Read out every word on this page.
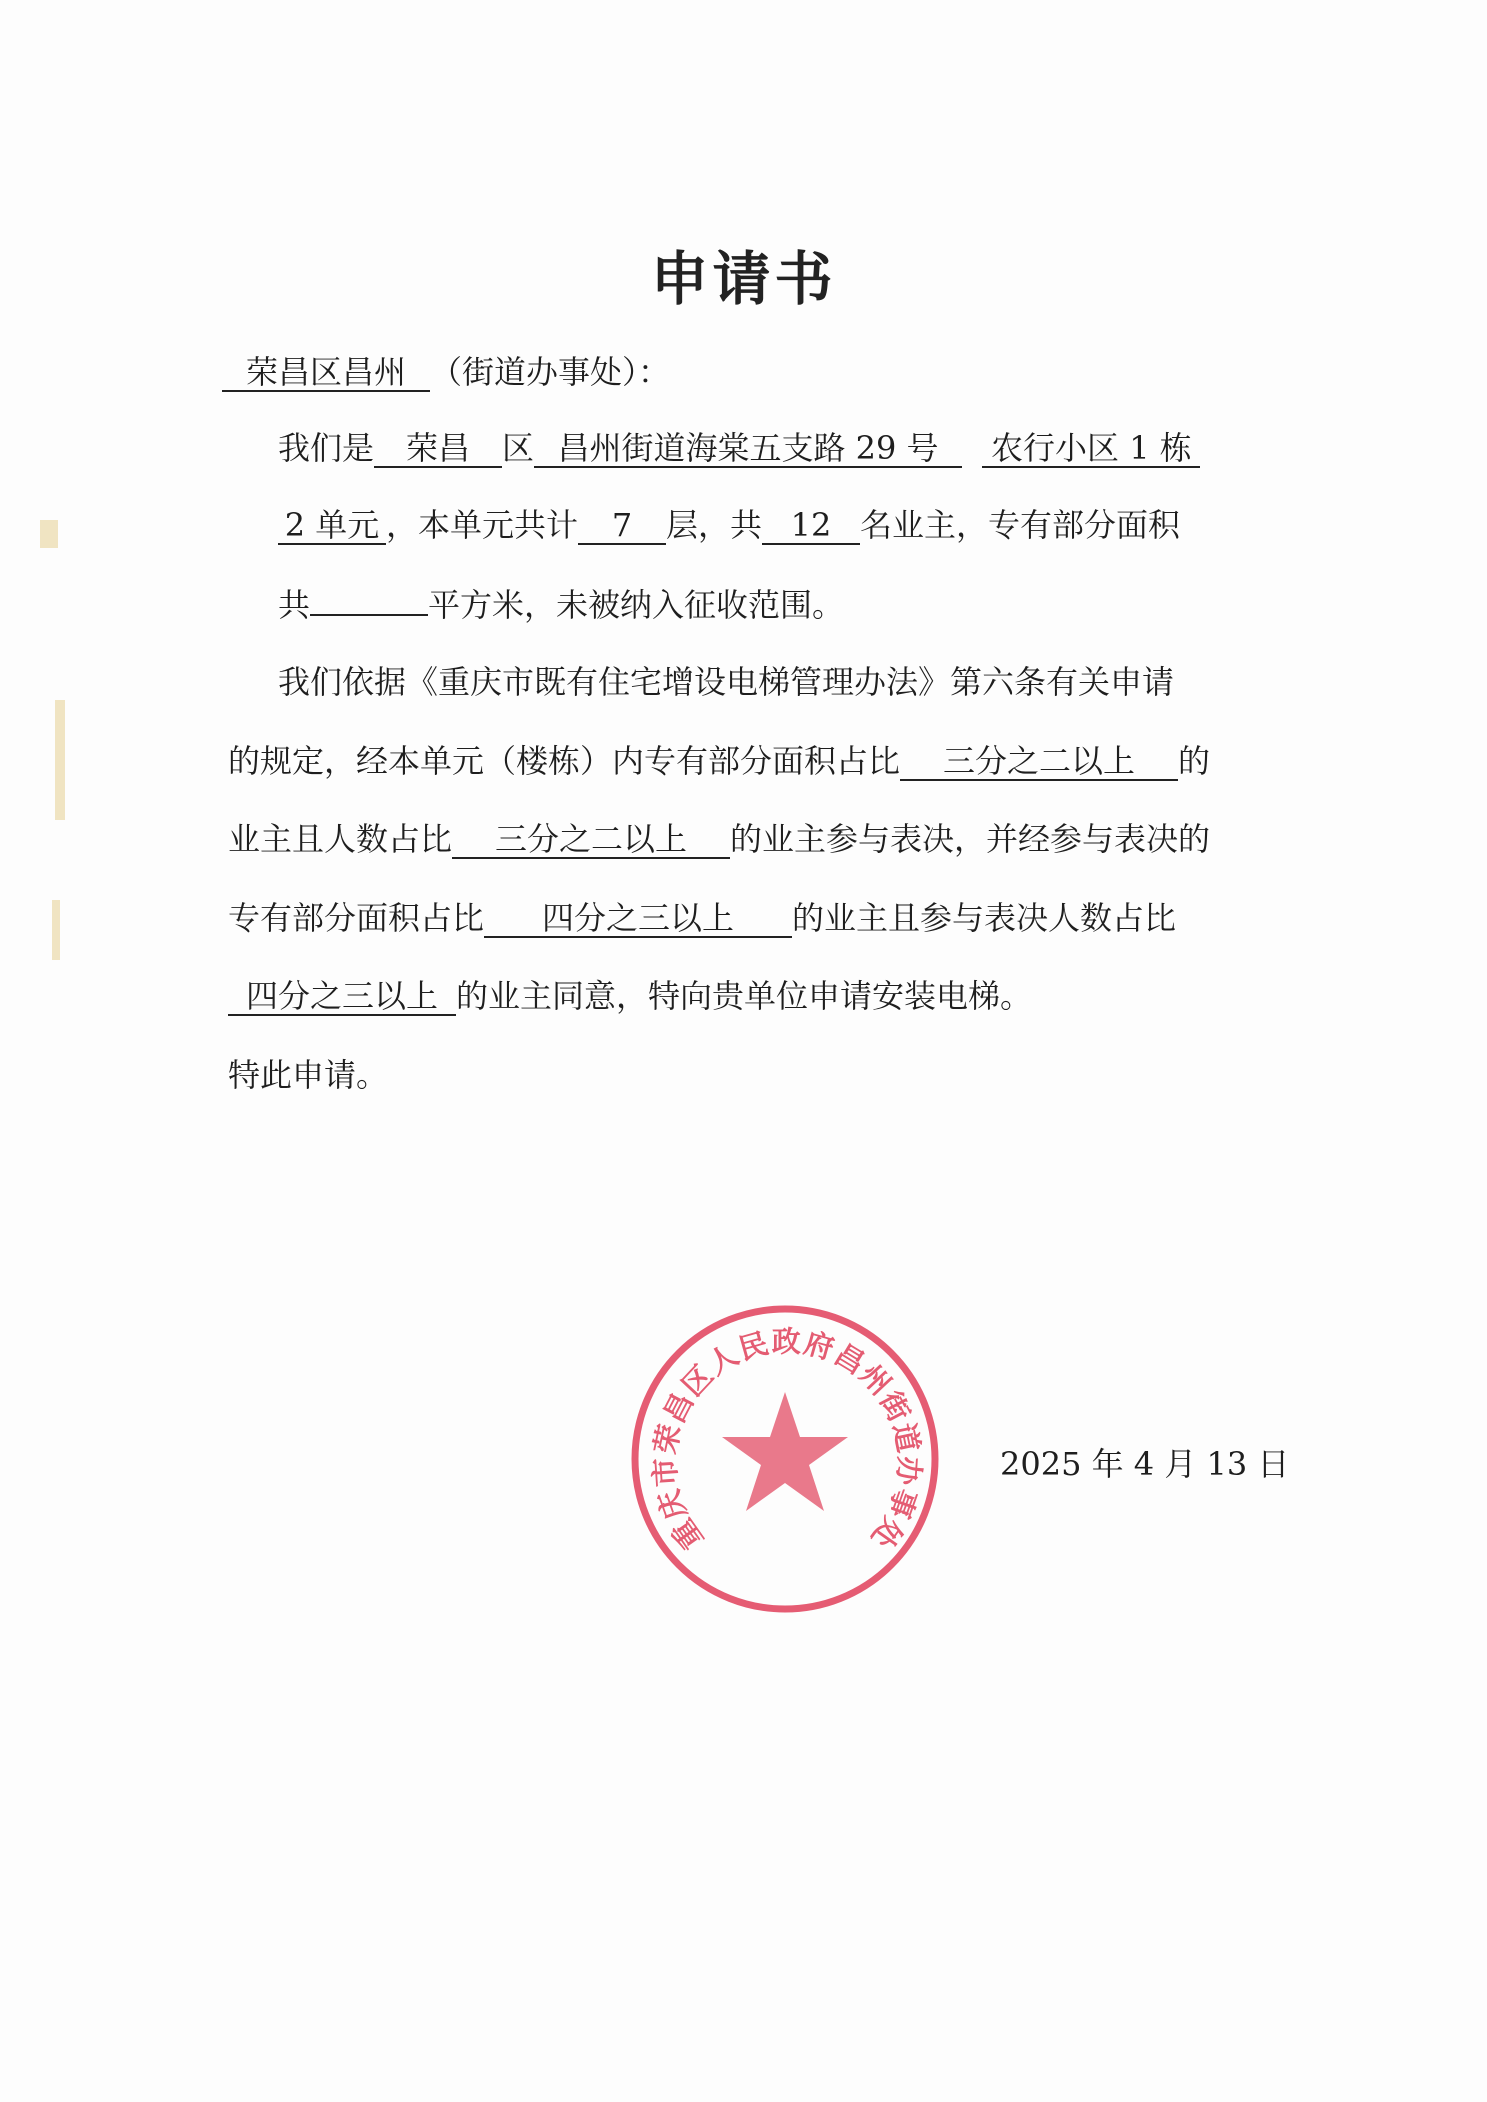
申请书
荣昌区昌州 （街道办事处）：
我们是 荣昌 区 昌州街道海棠五支路 29 号 农行小区 1 栋
2 单元 ，本单元共计 7 层，共 12 名业主，专有部分面积
共	平方米，未被纳入征收范围。
我们依据《重庆市既有住宅增设电梯管理办法》第六条有关申请
的规定，经本单元（楼栋）内专有部分面积占比 三分之二以上 的
业主且人数占比 三分之二以上 的业主参与表决，并经参与表决的
专有部分面积占比 四分之三以上 的业主且参与表决人数占比
四分之三以上 的业主同意，特向贵单位申请安装电梯。
特此申请。
重庆市荣昌区人民政府昌州街道办事处
2025 年 4 月 13 日
